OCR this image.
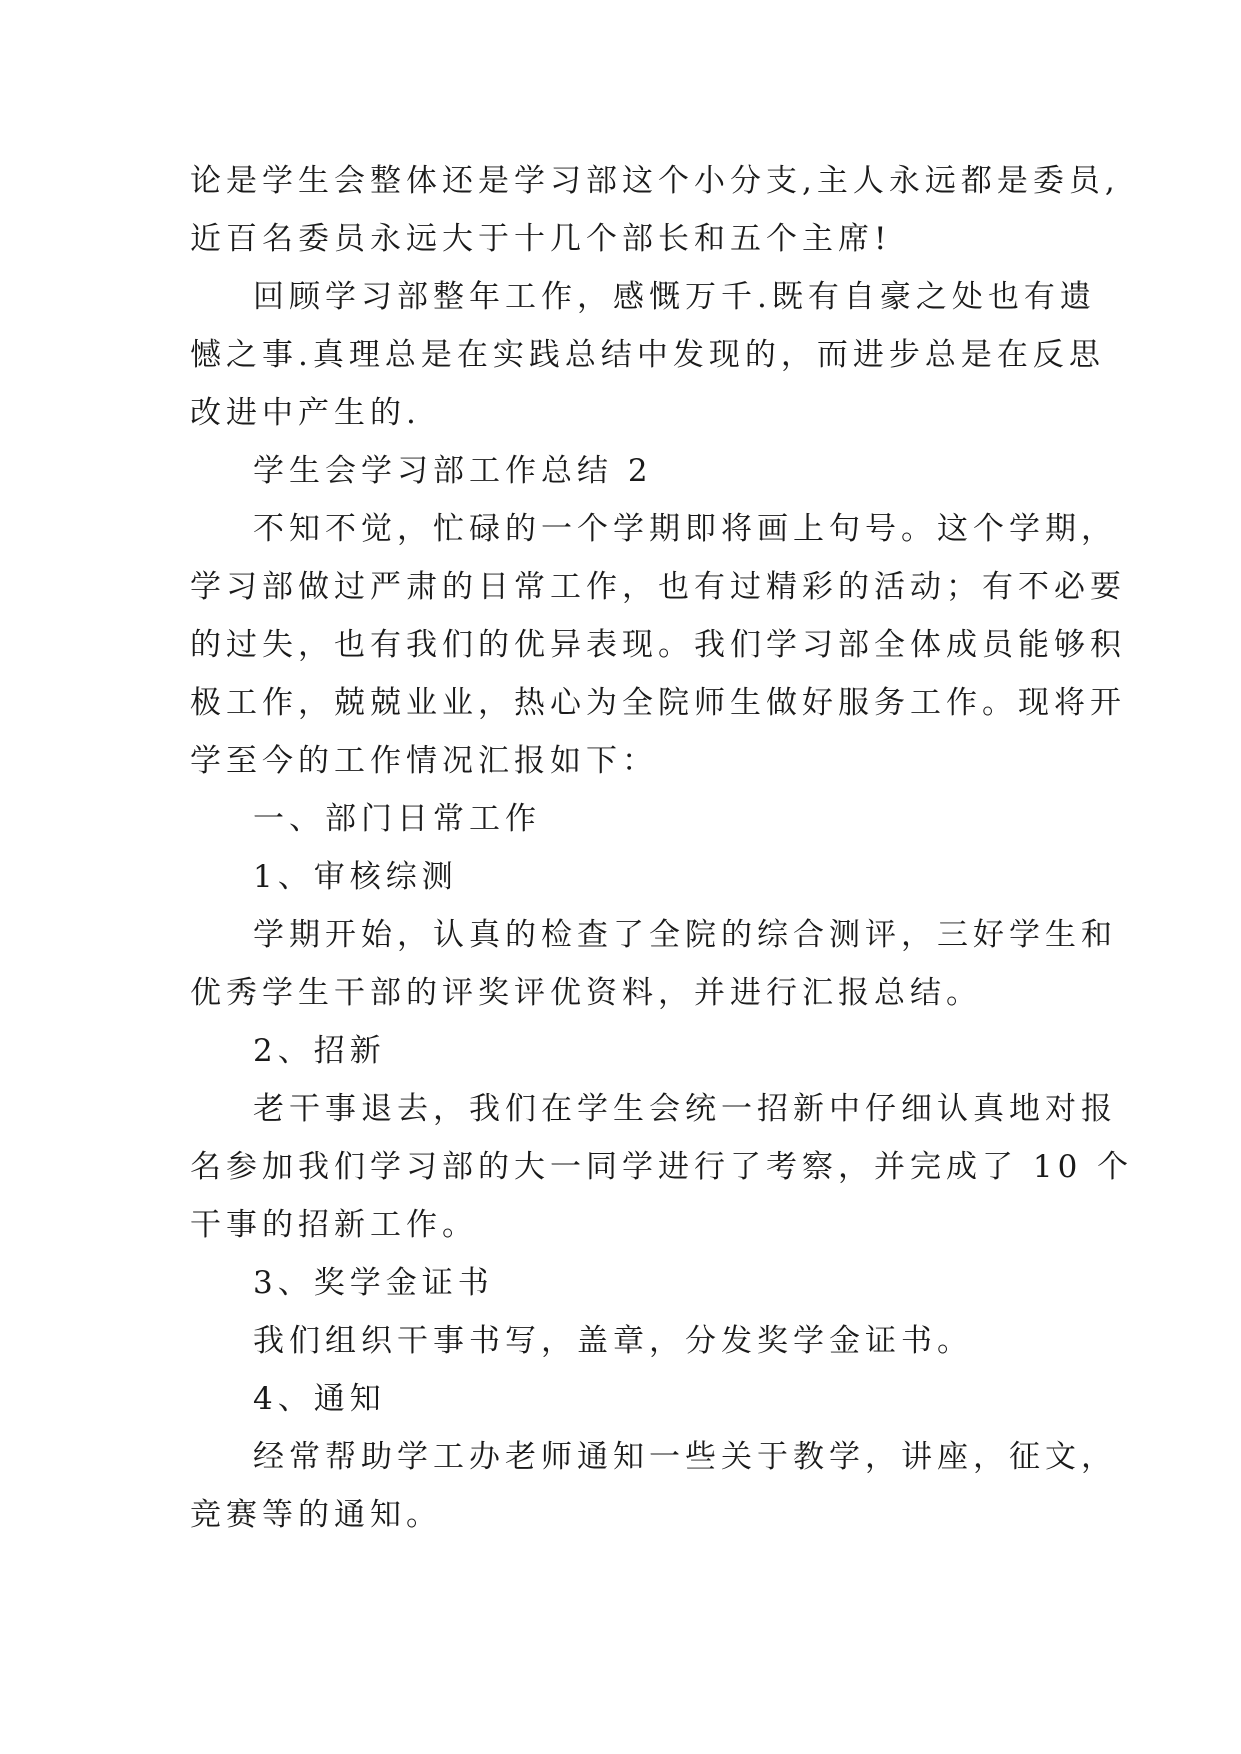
论是学生会整体还是学习部这个小分支,主人永远都是委员,
近百名委员永远大于十几个部长和五个主席!
回顾学习部整年工作，感慨万千.既有自豪之处也有遗
憾之事.真理总是在实践总结中发现的，而进步总是在反思
改进中产生的.
学生会学习部工作总结 2
不知不觉，忙碌的一个学期即将画上句号。这个学期，
学习部做过严肃的日常工作，也有过精彩的活动；有不必要
的过失，也有我们的优异表现。我们学习部全体成员能够积
极工作，兢兢业业，热心为全院师生做好服务工作。现将开
学至今的工作情况汇报如下：
一、部门日常工作
1、审核综测
学期开始，认真的检查了全院的综合测评，三好学生和
优秀学生干部的评奖评优资料，并进行汇报总结。
2、招新
老干事退去，我们在学生会统一招新中仔细认真地对报
名参加我们学习部的大一同学进行了考察，并完成了 10 个
干事的招新工作。
3、奖学金证书
我们组织干事书写，盖章，分发奖学金证书。
4、通知
经常帮助学工办老师通知一些关于教学，讲座，征文，
竞赛等的通知。
